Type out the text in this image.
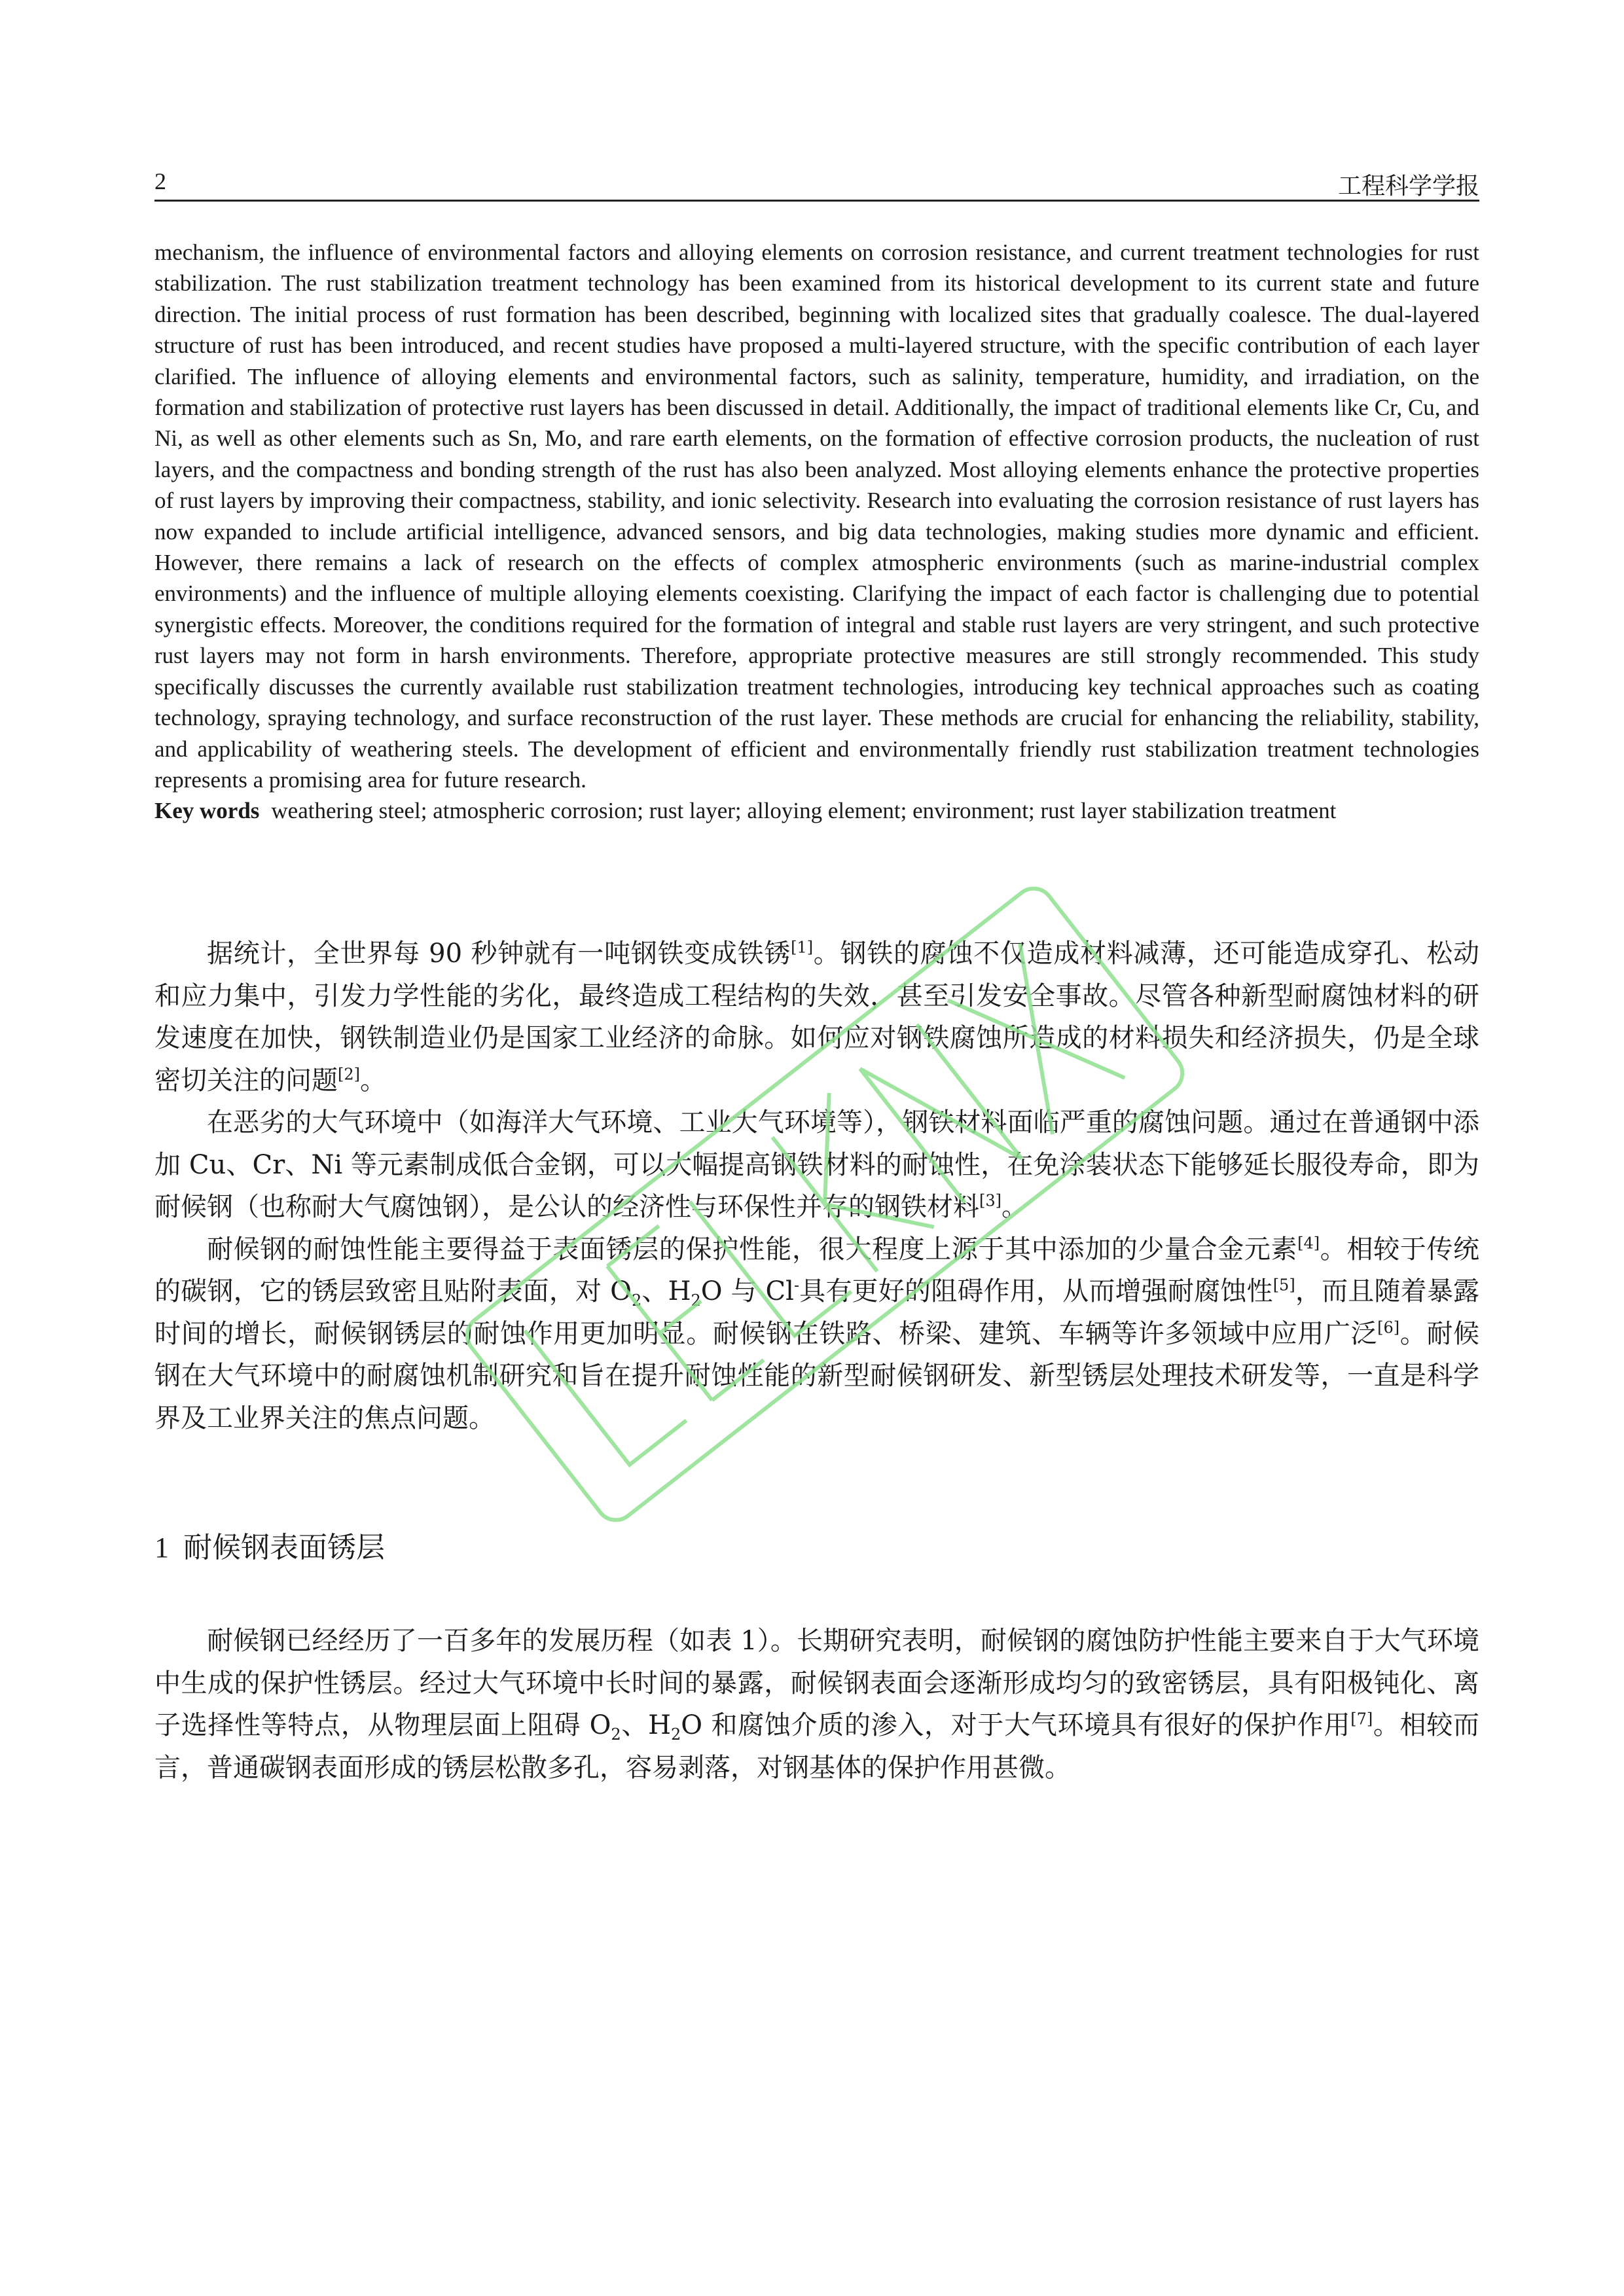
2	工程科学学报
mechanism, the influence of environmental factors and alloying elements on corrosion resistance, and current treatment technologies for rust stabilization. The rust stabilization treatment technology has been examined from its historical development to its current state and future direction. The initial process of rust formation has been described, beginning with localized sites that gradually coalesce. The dual-layered structure of rust has been introduced, and recent studies have proposed a multi-layered structure, with the specific contribution of each layer clarified. The influence of alloying elements and environmental factors, such as salinity, temperature, humidity, and irradiation, on the formation and stabilization of protective rust layers has been discussed in detail. Additionally, the impact of traditional elements like Cr, Cu, and Ni, as well as other elements such as Sn, Mo, and rare earth elements, on the formation of effective corrosion products, the nucleation of rust layers, and the compactness and bonding strength of the rust has also been analyzed. Most alloying elements enhance the protective properties of rust layers by improving their compactness, stability, and ionic selectivity. Research into evaluating the corrosion resistance of rust layers has now expanded to include artificial intelligence, advanced sensors, and big data technologies, making studies more dynamic and efficient. However, there remains a lack of research on the effects of complex atmospheric environments (such as marine-industrial complex environments) and the influence of multiple alloying elements coexisting. Clarifying the impact of each factor is challenging due to potential synergistic effects. Moreover, the conditions required for the formation of integral and stable rust layers are very stringent, and such protective rust layers may not form in harsh environments. Therefore, appropriate protective measures are still strongly recommended. This study specifically discusses the currently available rust stabilization treatment technologies, introducing key technical approaches such as coating technology, spraying technology, and surface reconstruction of the rust layer. These methods are crucial for enhancing the reliability, stability, and applicability of weathering steels. The development of efficient and environmentally friendly rust stabilization treatment technologies represents a promising area for future research.
Key words weathering steel; atmospheric corrosion; rust layer; alloying element; environment; rust layer stabilization treatment

据统计，全世界每 90 秒钟就有一吨钢铁变成铁锈[1]。钢铁的腐蚀不仅造成材料减薄，还可能造成穿孔、松动和应力集中，引发力学性能的劣化，最终造成工程结构的失效，甚至引发安全事故。尽管各种新型耐腐蚀材料的研发速度在加快，钢铁制造业仍是国家工业经济的命脉。如何应对钢铁腐蚀所造成的材料损失和经济损失，仍是全球密切关注的问题[2]。

在恶劣的大气环境中（如海洋大气环境、工业大气环境等），钢铁材料面临严重的腐蚀问题。通过在普通钢中添加 Cu、Cr、Ni 等元素制成低合金钢，可以大幅提高钢铁材料的耐蚀性，在免涂装状态下能够延长服役寿命，即为耐候钢（也称耐大气腐蚀钢），是公认的经济性与环保性并存的钢铁材料[3]。

耐候钢的耐蚀性能主要得益于表面锈层的保护性能，很大程度上源于其中添加的少量合金元素[4]。相较于传统的碳钢，它的锈层致密且贴附表面，对 $O_2$、$H_2O$ 与 Cl-具有更好的阻碍作用，从而增强耐腐蚀性[5]，而且随着暴露时间的增长，耐候钢锈层的耐蚀作用更加明显。耐候钢在铁路、桥梁、建筑、车辆等许多领域中应用广泛[6]。耐候钢在大气环境中的耐腐蚀机制研究和旨在提升耐蚀性能的新型耐候钢研发、新型锈层处理技术研发等，一直是科学界及工业界关注的焦点问题。

1 耐候钢表面锈层

耐候钢已经经历了一百多年的发展历程（如表 1）。长期研究表明，耐候钢的腐蚀防护性能主要来自于大气环境中生成的保护性锈层。经过大气环境中长时间的暴露，耐候钢表面会逐渐形成均匀的致密锈层，具有阳极钝化、离子选择性等特点，从物理层面上阻碍 $O_2$、$H_2O$ 和腐蚀介质的渗入，对于大气环境具有很好的保护作用[7]。相较而言，普通碳钢表面形成的锈层松散多孔，容易剥落，对钢基体的保护作用甚微。
